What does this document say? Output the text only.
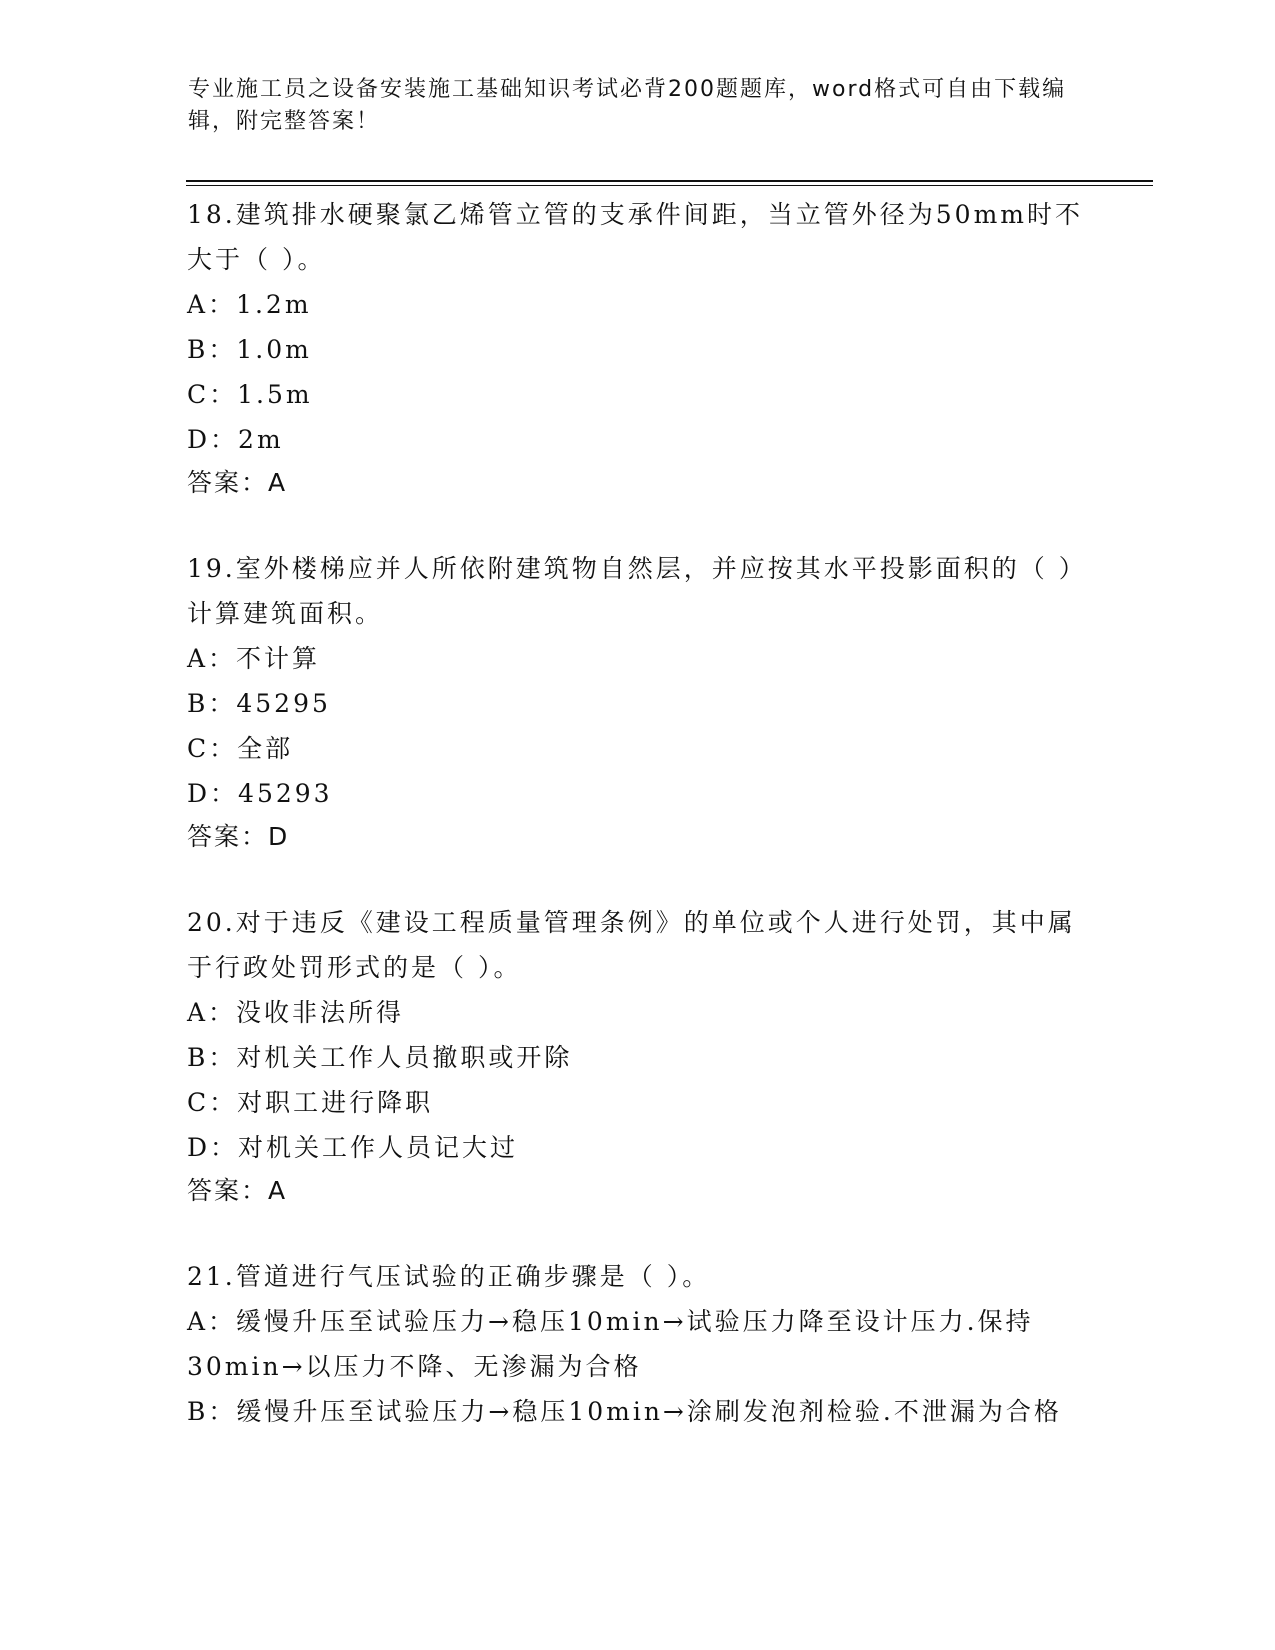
专业施工员之设备安装施工基础知识考试必背200题题库，word格式可自由下载编辑，附完整答案！
18.建筑排水硬聚氯乙烯管立管的支承件间距，当立管外径为50mm时不大于（ ）。
A：1.2m
B：1.0m
C：1.5m
D：2m
答案：A
19.室外楼梯应并人所依附建筑物自然层，并应按其水平投影面积的（ ）计算建筑面积。
A：不计算
B：45295
C：全部
D：45293
答案：D
20.对于违反《建设工程质量管理条例》的单位或个人进行处罚，其中属于行政处罚形式的是（ ）。
A：没收非法所得
B：对机关工作人员撤职或开除
C：对职工进行降职
D：对机关工作人员记大过
答案：A
21.管道进行气压试验的正确步骤是（ ）。
A：缓慢升压至试验压力→稳压10min→试验压力降至设计压力.保持30min→以压力不降、无渗漏为合格
B：缓慢升压至试验压力→稳压10min→涂刷发泡剂检验.不泄漏为合格
